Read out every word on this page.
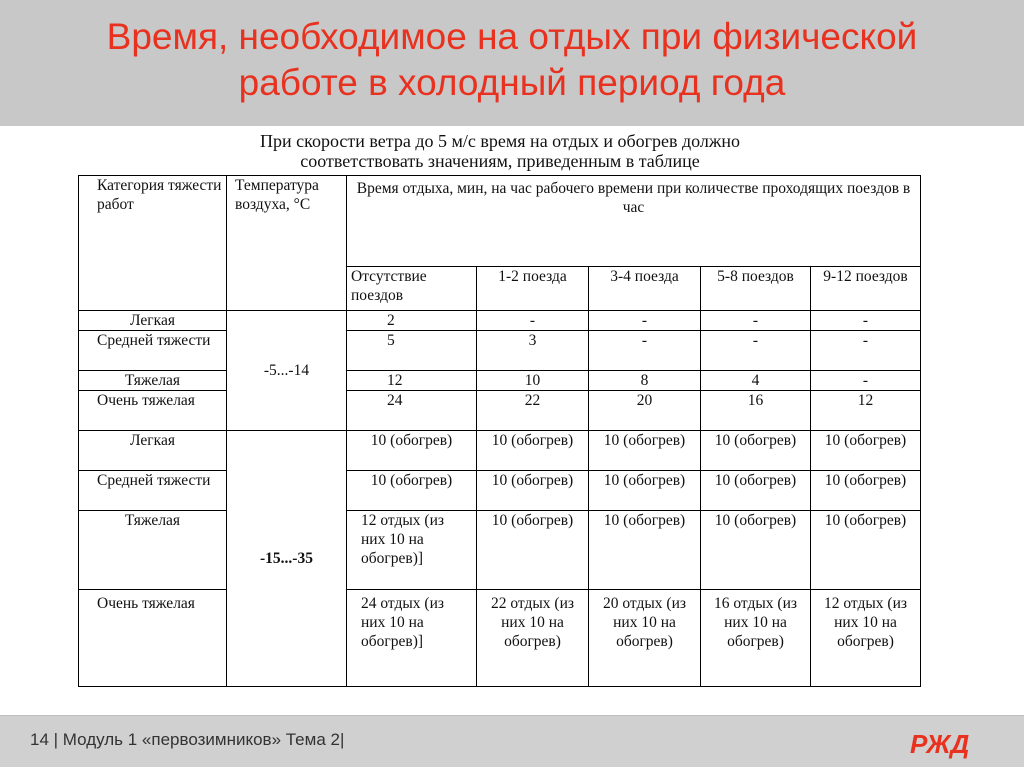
Время, необходимое на отдых при физической
работе в холодный период года
При скорости ветра до 5 м/с время на отдых и обогрев должно
соответствовать значениям, приведенным в таблице
Категория тяжести работ	Температура воздуха, °С	Время отдыха, мин, на час рабочего времени при количестве проходящих поездов в час				
		Отсутствие поездов	1-2 поезда	3-4 поезда	5-8 поездов	9-12 поездов
Легкая	-5...-14	2	-	-	-	-
Средней тяжести		5	3	-	-	-
Тяжелая		12	10	8	4	-
Очень тяжелая		24	22	20	16	12
Легкая	-15...-35	10 (обогрев)	10 (обогрев)	10 (обогрев)	10 (обогрев)	10 (обогрев)
Средней тяжести		10 (обогрев)	10 (обогрев)	10 (обогрев)	10 (обогрев)	10 (обогрев)
Тяжелая		12 отдых (из них 10 на обогрев)]	10 (обогрев)	10 (обогрев)	10 (обогрев)	10 (обогрев)
Очень тяжелая		24 отдых (из них 10 на обогрев)]	22 отдых (из них 10 на обогрев)	20 отдых (из них 10 на обогрев)	16 отдых (из них 10 на обогрев)	12 отдых (из них 10 на обогрев)
14 | Модуль 1 «первозимников» Тема 2|	РЖД
